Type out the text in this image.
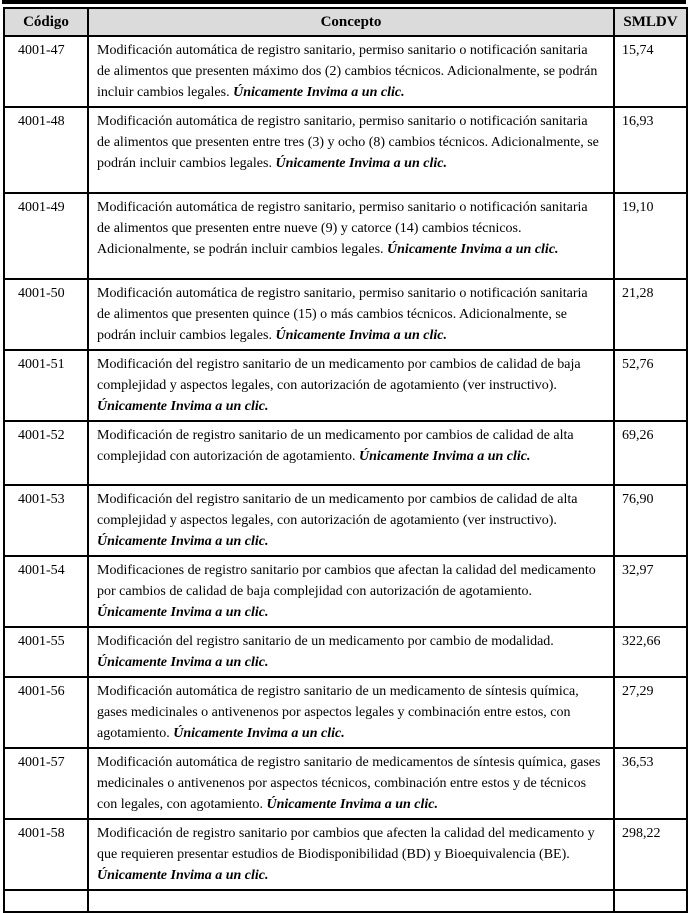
Código	Concepto	SMLDV
4001-47	Modificación automática de registro sanitario, permiso sanitario o notificación sanitaria de alimentos que presenten máximo dos (2) cambios técnicos. Adicionalmente, se podrán incluir cambios legales. Únicamente Invima a un clic.	15,74
4001-48	Modificación automática de registro sanitario, permiso sanitario o notificación sanitaria de alimentos que presenten entre tres (3) y ocho (8) cambios técnicos. Adicionalmente, se podrán incluir cambios legales. Únicamente Invima a un clic.	16,93
4001-49	Modificación automática de registro sanitario, permiso sanitario o notificación sanitaria de alimentos que presenten entre nueve (9) y catorce (14) cambios técnicos. Adicionalmente, se podrán incluir cambios legales. Únicamente Invima a un clic.	19,10
4001-50	Modificación automática de registro sanitario, permiso sanitario o notificación sanitaria de alimentos que presenten quince (15) o más cambios técnicos. Adicionalmente, se podrán incluir cambios legales. Únicamente Invima a un clic.	21,28
4001-51	Modificación del registro sanitario de un medicamento por cambios de calidad de baja complejidad y aspectos legales, con autorización de agotamiento (ver instructivo). Únicamente Invima a un clic.	52,76
4001-52	Modificación de registro sanitario de un medicamento por cambios de calidad de alta complejidad con autorización de agotamiento. Únicamente Invima a un clic.	69,26
4001-53	Modificación del registro sanitario de un medicamento por cambios de calidad de alta complejidad y aspectos legales, con autorización de agotamiento (ver instructivo). Únicamente Invima a un clic.	76,90
4001-54	Modificaciones de registro sanitario por cambios que afectan la calidad del medicamento por cambios de calidad de baja complejidad con autorización de agotamiento. Únicamente Invima a un clic.	32,97
4001-55	Modificación del registro sanitario de un medicamento por cambio de modalidad. Únicamente Invima a un clic.	322,66
4001-56	Modificación automática de registro sanitario de un medicamento de síntesis química, gases medicinales o antivenenos por aspectos legales y combinación entre estos, con agotamiento. Únicamente Invima a un clic.	27,29
4001-57	Modificación automática de registro sanitario de medicamentos de síntesis química, gases medicinales o antivenenos por aspectos técnicos, combinación entre estos y de técnicos con legales, con agotamiento. Únicamente Invima a un clic.	36,53
4001-58	Modificación de registro sanitario por cambios que afecten la calidad del medicamento y que requieren presentar estudios de Biodisponibilidad (BD) y Bioequivalencia (BE). Únicamente Invima a un clic.	298,22
